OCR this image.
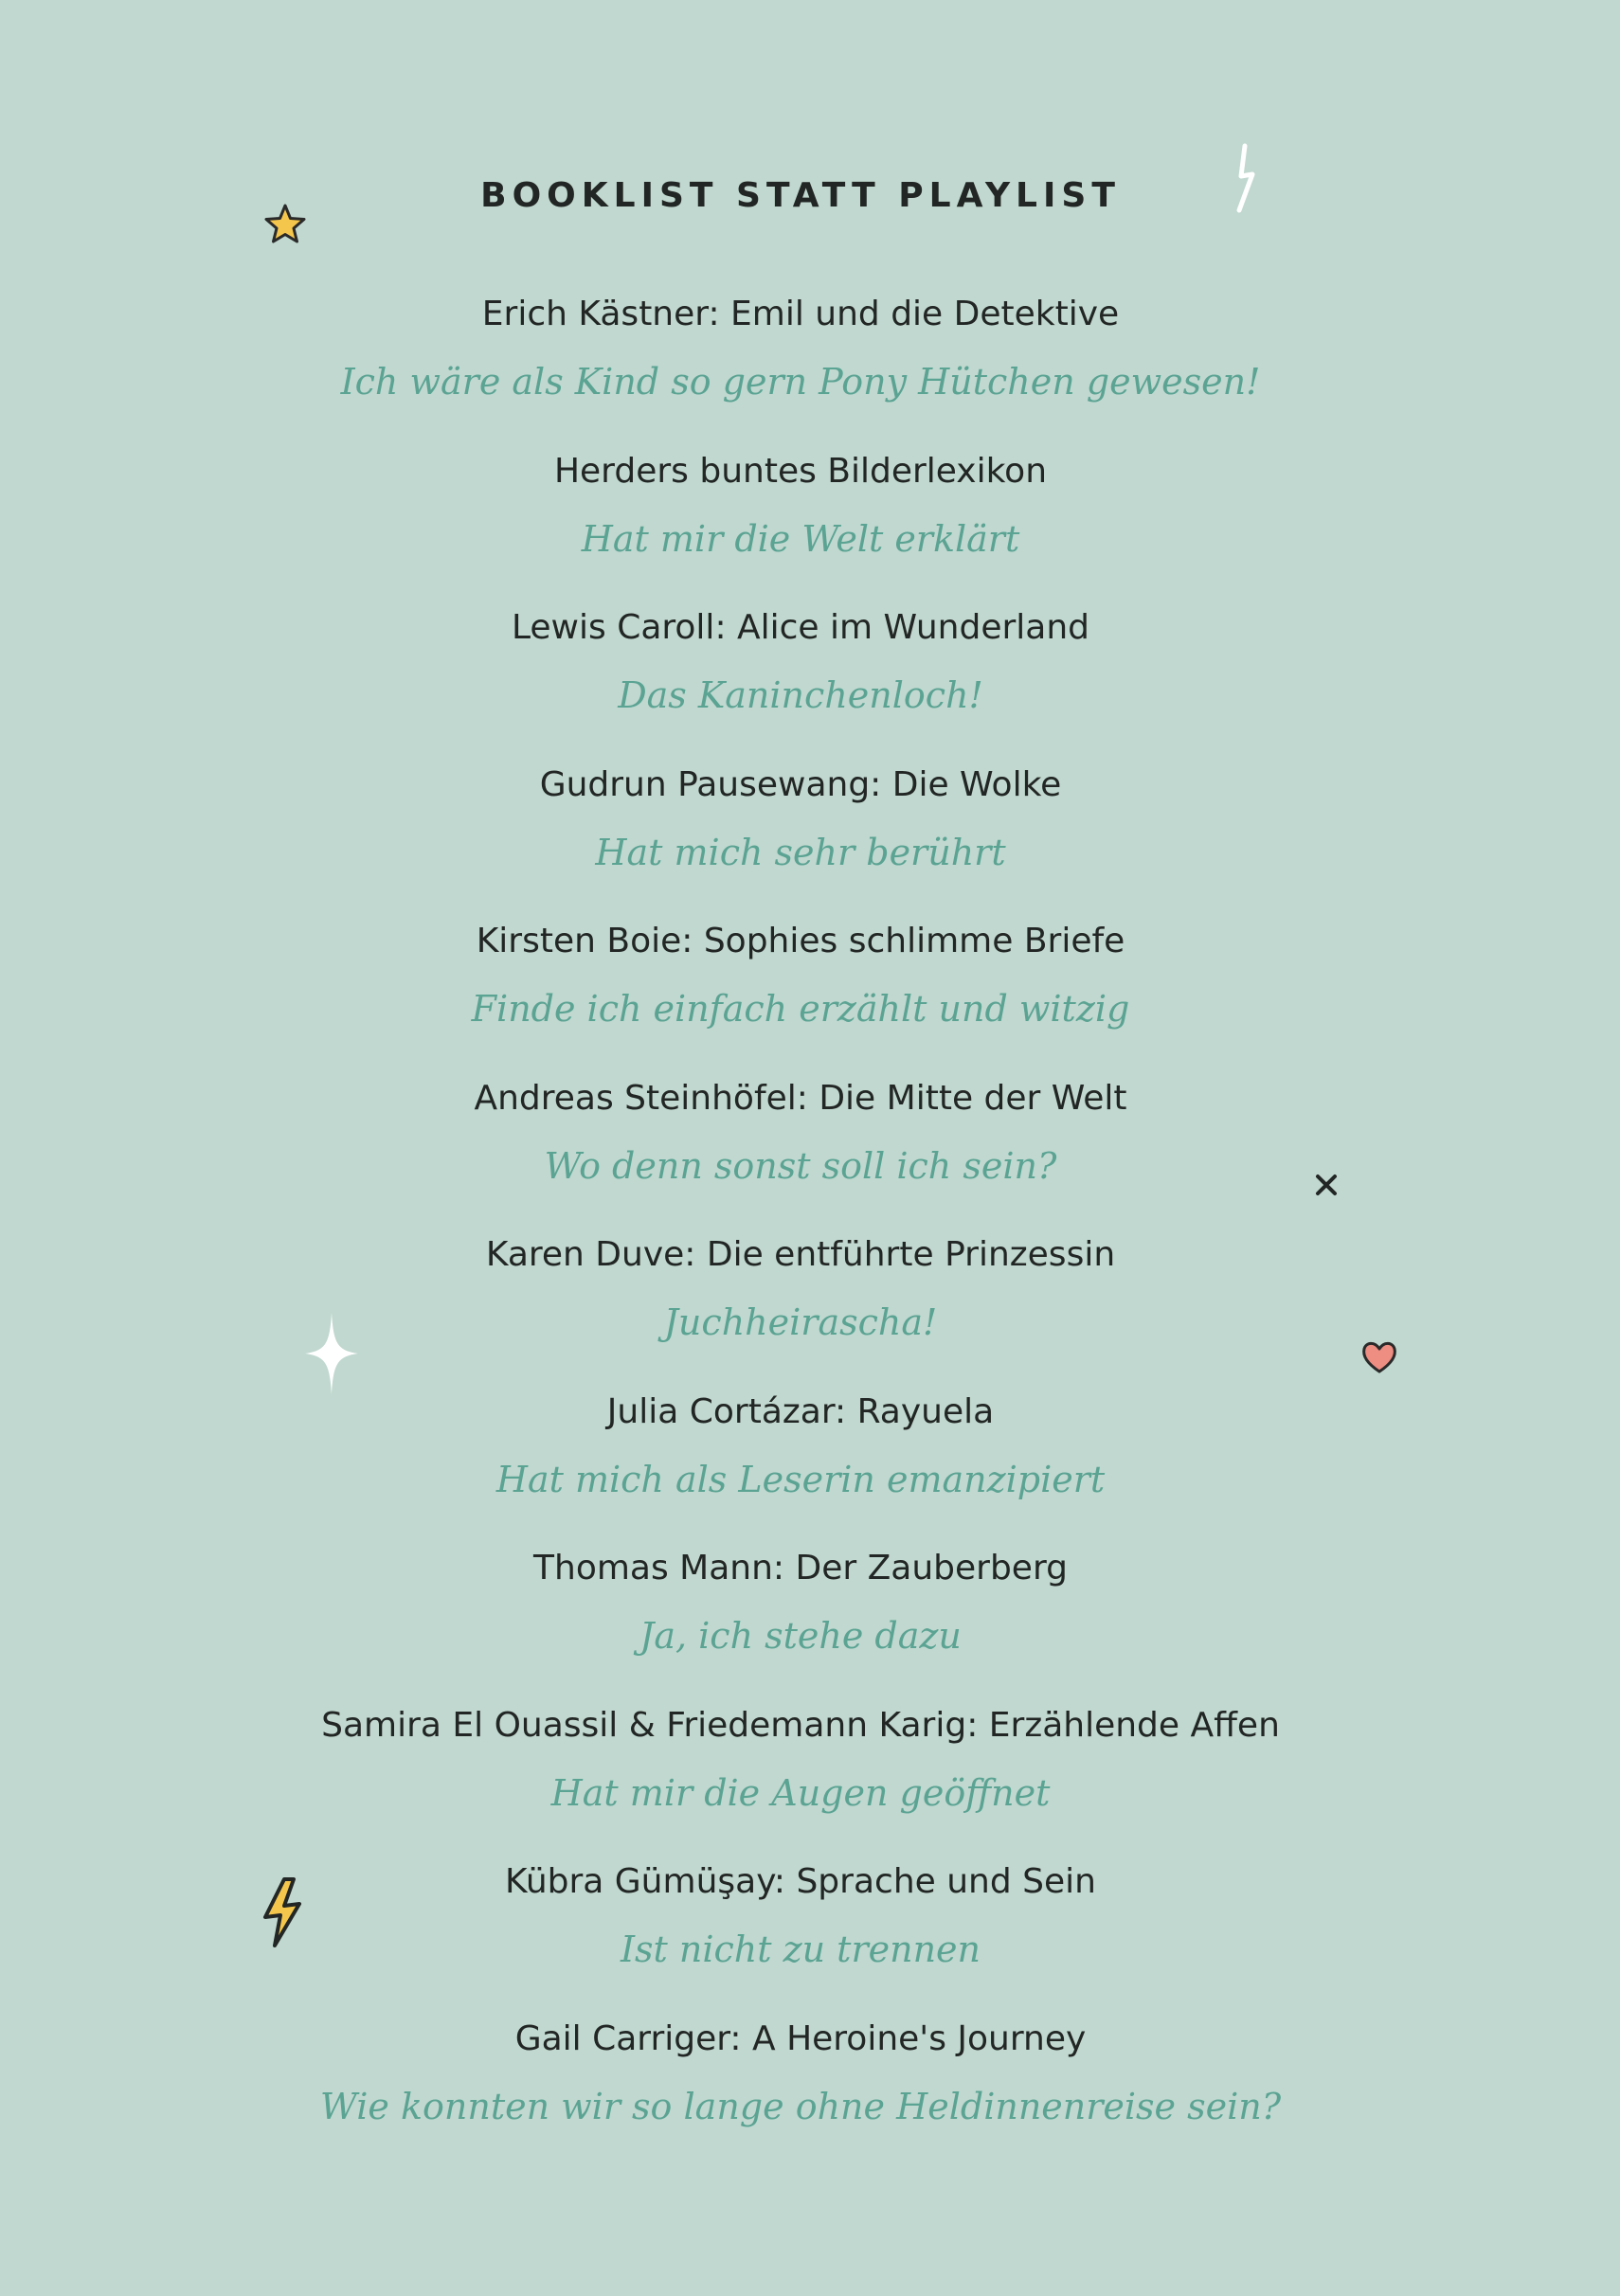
BOOKLIST STATT PLAYLIST
Erich Kästner: Emil und die Detektive
Ich wäre als Kind so gern Pony Hütchen gewesen!
Herders buntes Bilderlexikon
Hat mir die Welt erklärt
Lewis Caroll: Alice im Wunderland
Das Kaninchenloch!
Gudrun Pausewang: Die Wolke
Hat mich sehr berührt
Kirsten Boie: Sophies schlimme Briefe
Finde ich einfach erzählt und witzig
Andreas Steinhöfel: Die Mitte der Welt
Wo denn sonst soll ich sein?
Karen Duve: Die entführte Prinzessin
Juchheirascha!
Julia Cortázar: Rayuela
Hat mich als Leserin emanzipiert
Thomas Mann: Der Zauberberg
Ja, ich stehe dazu
Samira El Ouassil & Friedemann Karig: Erzählende Affen
Hat mir die Augen geöffnet
Kübra Gümüşay: Sprache und Sein
Ist nicht zu trennen
Gail Carriger: A Heroine's Journey
Wie konnten wir so lange ohne Heldinnenreise sein?
